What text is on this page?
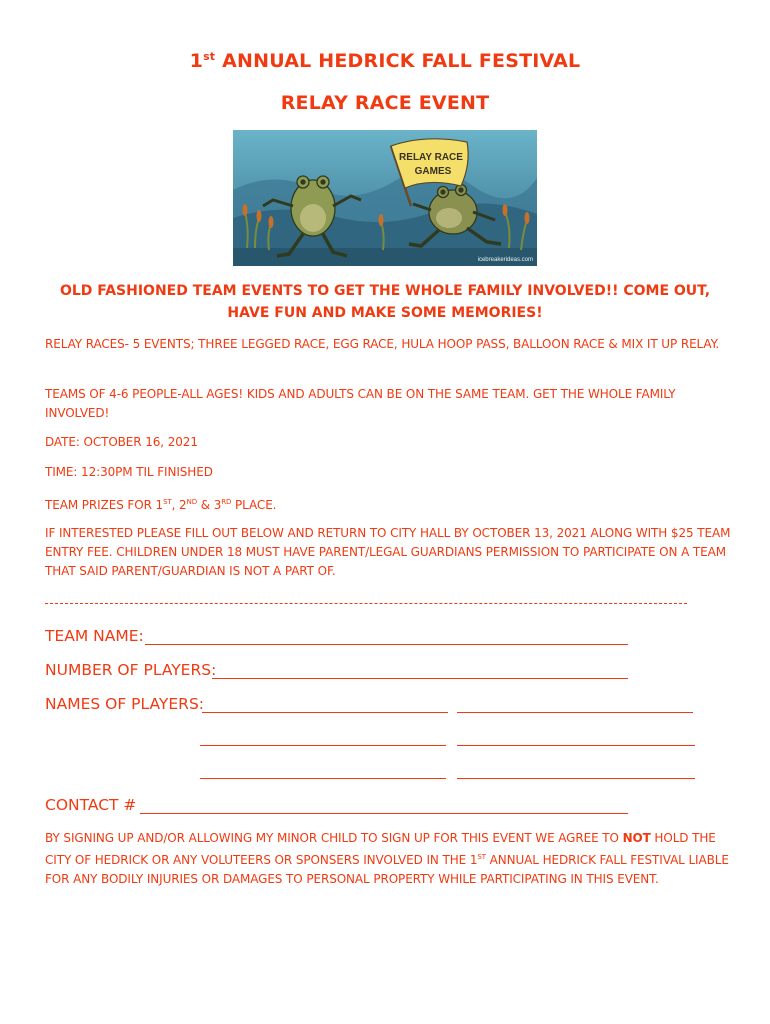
1st ANNUAL HEDRICK FALL FESTIVAL
RELAY RACE EVENT
RELAY RACE
GAMES
icebreakerideas.com
OLD FASHIONED TEAM EVENTS TO GET THE WHOLE FAMILY INVOLVED!! COME OUT, HAVE FUN AND MAKE SOME MEMORIES!
RELAY RACES- 5 EVENTS; THREE LEGGED RACE, EGG RACE, HULA HOOP PASS, BALLOON RACE & MIX IT UP RELAY.
TEAMS OF 4-6 PEOPLE-ALL AGES! KIDS AND ADULTS CAN BE ON THE SAME TEAM. GET THE WHOLE FAMILY INVOLVED!
DATE: OCTOBER 16, 2021
TIME: 12:30PM TIL FINISHED
TEAM PRIZES FOR 1ST, 2ND & 3RD PLACE.
IF INTERESTED PLEASE FILL OUT BELOW AND RETURN TO CITY HALL BY OCTOBER 13, 2021 ALONG WITH $25 TEAM ENTRY FEE. CHILDREN UNDER 18 MUST HAVE PARENT/LEGAL GUARDIANS PERMISSION TO PARTICIPATE ON A TEAM THAT SAID PARENT/GUARDIAN IS NOT A PART OF.
TEAM NAME:
NUMBER OF PLAYERS:
NAMES OF PLAYERS:
CONTACT #
BY SIGNING UP AND/OR ALLOWING MY MINOR CHILD TO SIGN UP FOR THIS EVENT WE AGREE TO NOT HOLD THE CITY OF HEDRICK OR ANY VOLUTEERS OR SPONSERS INVOLVED IN THE 1ST ANNUAL HEDRICK FALL FESTIVAL LIABLE FOR ANY BODILY INJURIES OR DAMAGES TO PERSONAL PROPERTY WHILE PARTICIPATING IN THIS EVENT.
